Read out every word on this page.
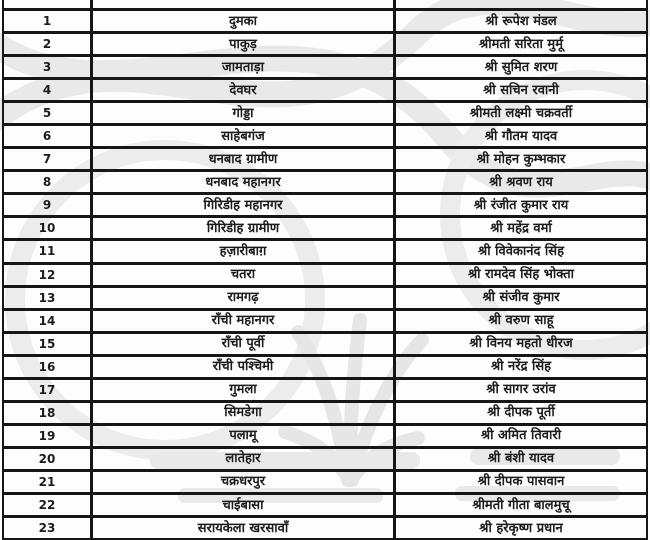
1	दुमका	श्री रूपेश मंडल
2	पाकुड़	श्रीमती सरिता मुर्मू
3	जामताड़ा	श्री सुमित शरण
4	देवघर	श्री सचिन रवानी
5	गोड्डा	श्रीमती लक्ष्मी चक्रवर्ती
6	साहेबगंज	श्री गौतम यादव
7	धनबाद ग्रामीण	श्री मोहन कुम्भकार
8	धनबाद महानगर	श्री श्रवण राय
9	गिरिडीह महानगर	श्री रंजीत कुमार राय
10	गिरिडीह ग्रामीण	श्री महेंद्र वर्मा
11	हज़ारीबाग़	श्री विवेकानंद सिंह
12	चतरा	श्री रामदेव सिंह भोक्ता
13	रामगढ़	श्री संजीव कुमार
14	राँची महानगर	श्री वरुण साहू
15	राँची पूर्वी	श्री विनय महतो धीरज
16	राँची पश्चिमी	श्री नरेंद्र सिंह
17	गुमला	श्री सागर उरांव
18	सिमडेगा	श्री दीपक पूर्ती
19	पलामू	श्री अमित तिवारी
20	लातेहार	श्री बंशी यादव
21	चक्रधरपुर	श्री दीपक पासवान
22	चाईबासा	श्रीमती गीता बालमुचू
23	सरायकेला खरसावाँ	श्री हरेकृष्ण प्रधान
